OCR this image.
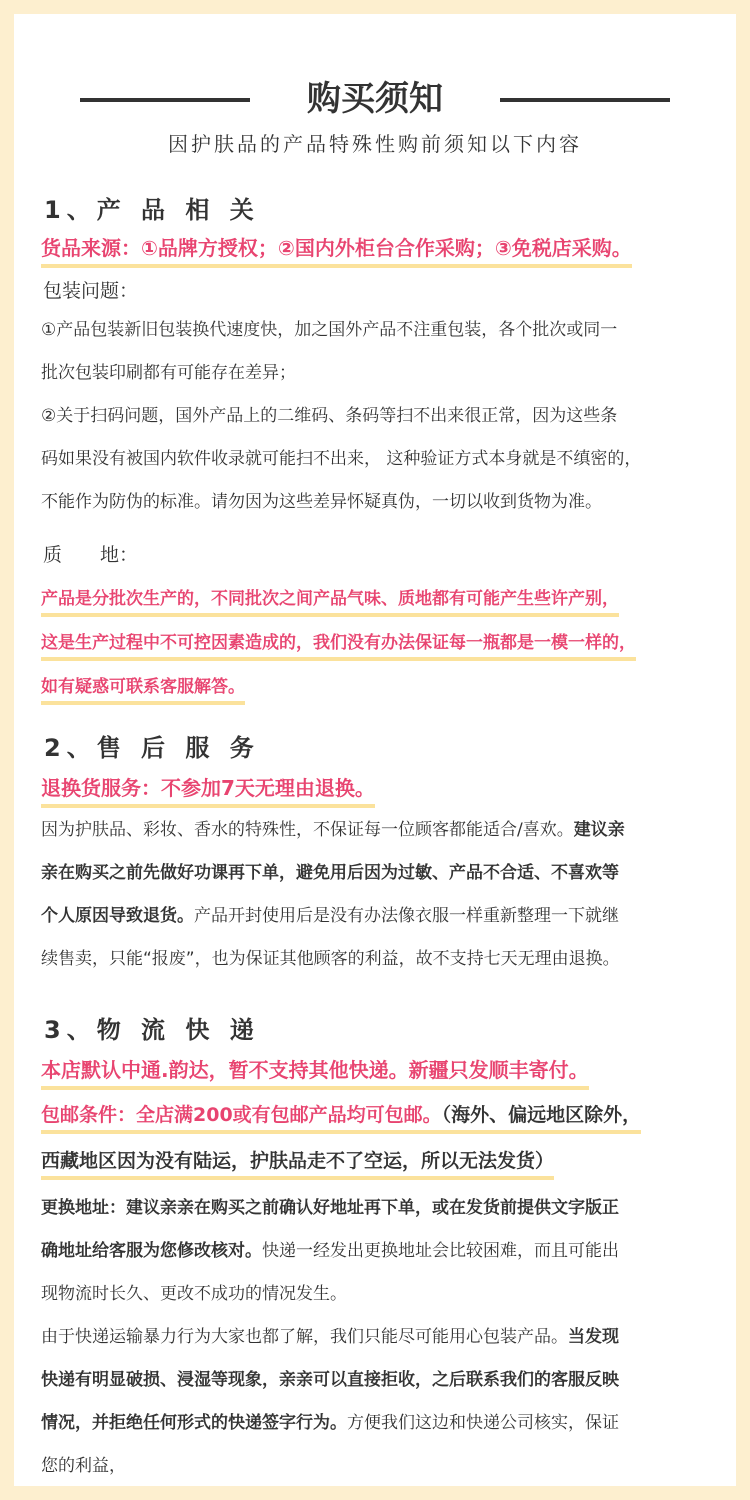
购买须知
因护肤品的产品特殊性购前须知以下内容
1、产 品 相 关
货品来源：①品牌方授权；②国内外柜台合作采购；③免税店采购。
包装问题：
①产品包装新旧包装换代速度快，加之国外产品不注重包装，各个批次或同一
批次包装印刷都有可能存在差异；
②关于扫码问题，国外产品上的二维码、条码等扫不出来很正常，因为这些条
码如果没有被国内软件收录就可能扫不出来， 这种验证方式本身就是不缜密的，
不能作为防伪的标准。请勿因为这些差异怀疑真伪，一切以收到货物为准。
质　　地：
产品是分批次生产的，不同批次之间产品气味、质地都有可能产生些许产别，
这是生产过程中不可控因素造成的，我们没有办法保证每一瓶都是一模一样的，
如有疑惑可联系客服解答。
2、售 后 服 务
退换货服务：不参加7天无理由退换。
因为护肤品、彩妆、香水的特殊性，不保证每一位顾客都能适合/喜欢。建议亲
亲在购买之前先做好功课再下单，避免用后因为过敏、产品不合适、不喜欢等
个人原因导致退货。产品开封使用后是没有办法像衣服一样重新整理一下就继
续售卖，只能“报废”，也为保证其他顾客的利益，故不支持七天无理由退换。
3、物 流 快 递
本店默认中通.韵达，暂不支持其他快递。新疆只发顺丰寄付。
包邮条件：全店满200或有包邮产品均可包邮。（海外、偏远地区除外，
西藏地区因为没有陆运，护肤品走不了空运，所以无法发货）
更换地址：建议亲亲在购买之前确认好地址再下单，或在发货前提供文字版正
确地址给客服为您修改核对。快递一经发出更换地址会比较困难，而且可能出
现物流时长久、更改不成功的情况发生。
由于快递运输暴力行为大家也都了解，我们只能尽可能用心包装产品。当发现
快递有明显破损、浸湿等现象，亲亲可以直接拒收，之后联系我们的客服反映
情况，并拒绝任何形式的快递签字行为。方便我们这边和快递公司核实，保证
您的利益，
